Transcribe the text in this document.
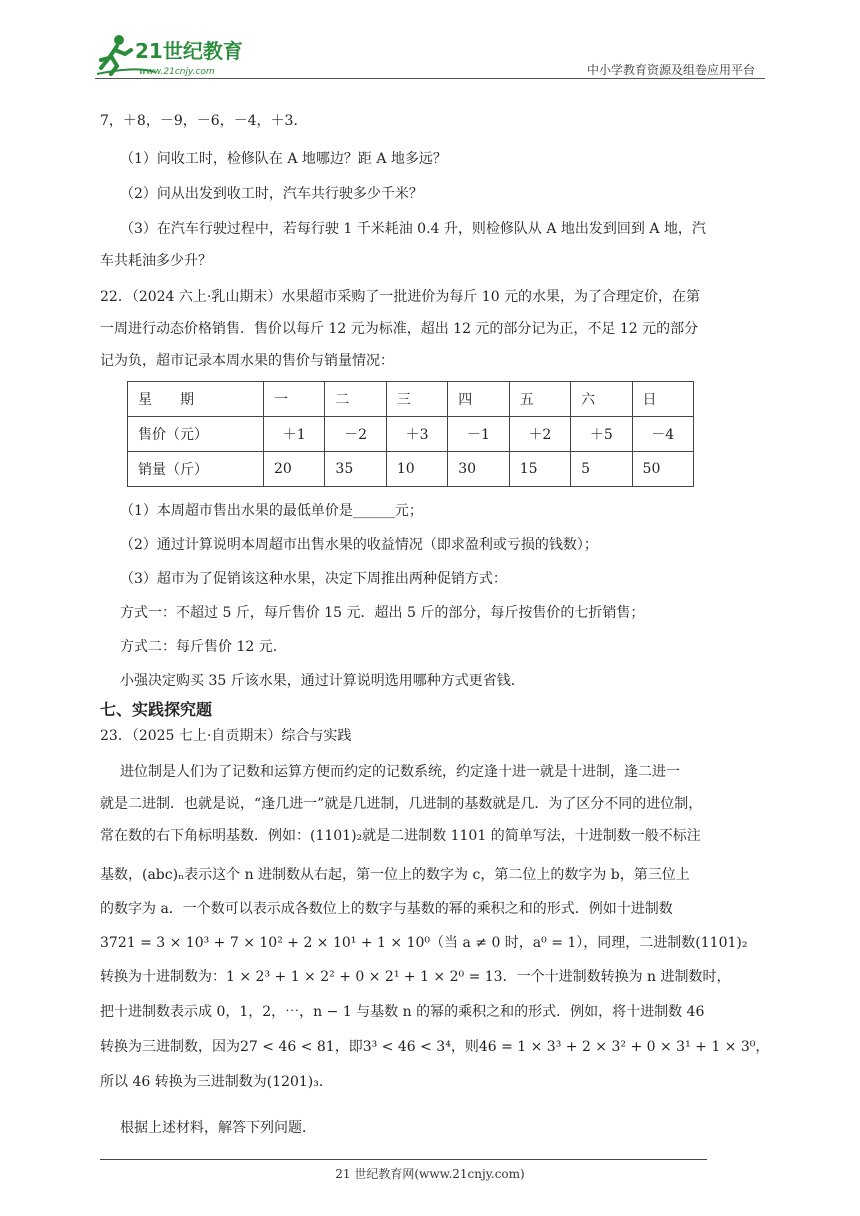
21世纪教育
www.21cnjy.com	中小学教育资源及组卷应用平台
7，＋8，－9，－6，－4，＋3．
（1）问收工时，检修队在 A 地哪边？距 A 地多远？
（2）问从出发到收工时，汽车共行驶多少千米？
（3）在汽车行驶过程中，若每行驶 1 千米耗油 0.4 升，则检修队从 A 地出发到回到 A 地，汽
车共耗油多少升？
22．（2024 六上·乳山期末）水果超市采购了一批进价为每斤 10 元的水果，为了合理定价，在第
一周进行动态价格销售．售价以每斤 12 元为标准，超出 12 元的部分记为正，不足 12 元的部分
记为负，超市记录本周水果的售价与销量情况：
星　　期	一	二	三	四	五	六	日
售价（元）	＋1	－2	＋3	－1	＋2	＋5	－4
销量（斤）	20	35	10	30	15	5	50
（1）本周超市售出水果的最低单价是______元；
（2）通过计算说明本周超市出售水果的收益情况（即求盈利或亏损的钱数）；
（3）超市为了促销该这种水果，决定下周推出两种促销方式：
方式一：不超过 5 斤，每斤售价 15 元．超出 5 斤的部分，每斤按售价的七折销售；
方式二：每斤售价 12 元．
小强决定购买 35 斤该水果，通过计算说明选用哪种方式更省钱．
七、实践探究题
23．（2025 七上·自贡期末）综合与实践
进位制是人们为了记数和运算方便而约定的记数系统，约定逢十进一就是十进制，逢二进一
就是二进制．也就是说，“逢几进一”就是几进制，几进制的基数就是几．为了区分不同的进位制，
常在数的右下角标明基数．例如：(1101)₂就是二进制数 1101 的简单写法，十进制数一般不标注
基数，(abc)ₙ表示这个 n 进制数从右起，第一位上的数字为 c，第二位上的数字为 b，第三位上
的数字为 a．一个数可以表示成各数位上的数字与基数的幂的乘积之和的形式．例如十进制数
3721 = 3 × 10³ + 7 × 10² + 2 × 10¹ + 1 × 10⁰（当 a ≠ 0 时，a⁰ = 1），同理，二进制数(1101)₂
转换为十进制数为：1 × 2³ + 1 × 2² + 0 × 2¹ + 1 × 2⁰ = 13．一个十进制数转换为 n 进制数时，
把十进制数表示成 0，1，2，⋯，n − 1 与基数 n 的幂的乘积之和的形式．例如，将十进制数 46
转换为三进制数，因为27 < 46 < 81，即3³ < 46 < 3⁴，则46 = 1 × 3³ + 2 × 3² + 0 × 3¹ + 1 × 3⁰，
所以 46 转换为三进制数为(1201)₃．
根据上述材料，解答下列问题．
21 世纪教育网(www.21cnjy.com)
